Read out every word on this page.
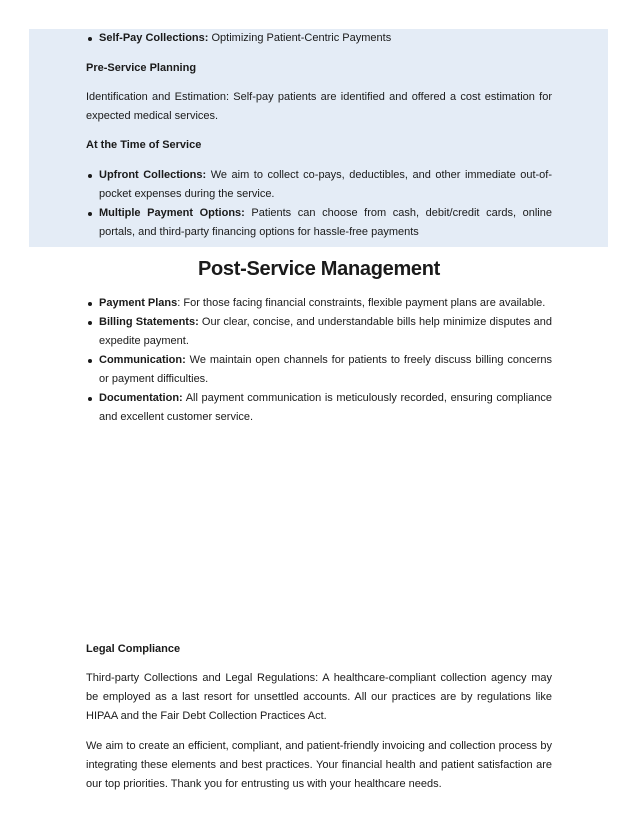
Self-Pay Collections: Optimizing Patient-Centric Payments
Pre-Service Planning
Identification and Estimation: Self-pay patients are identified and offered a cost estimation for expected medical services.
At the Time of Service
Upfront Collections: We aim to collect co-pays, deductibles, and other immediate out-of-pocket expenses during the service.
Multiple Payment Options: Patients can choose from cash, debit/credit cards, online portals, and third-party financing options for hassle-free payments
Post-Service Management
Payment Plans: For those facing financial constraints, flexible payment plans are available.
Billing Statements: Our clear, concise, and understandable bills help minimize disputes and expedite payment.
Communication: We maintain open channels for patients to freely discuss billing concerns or payment difficulties.
Documentation: All payment communication is meticulously recorded, ensuring compliance and excellent customer service.
Legal Compliance
Third-party Collections and Legal Regulations: A healthcare-compliant collection agency may be employed as a last resort for unsettled accounts. All our practices are by regulations like HIPAA and the Fair Debt Collection Practices Act.
We aim to create an efficient, compliant, and patient-friendly invoicing and collection process by integrating these elements and best practices. Your financial health and patient satisfaction are our top priorities. Thank you for entrusting us with your healthcare needs.
